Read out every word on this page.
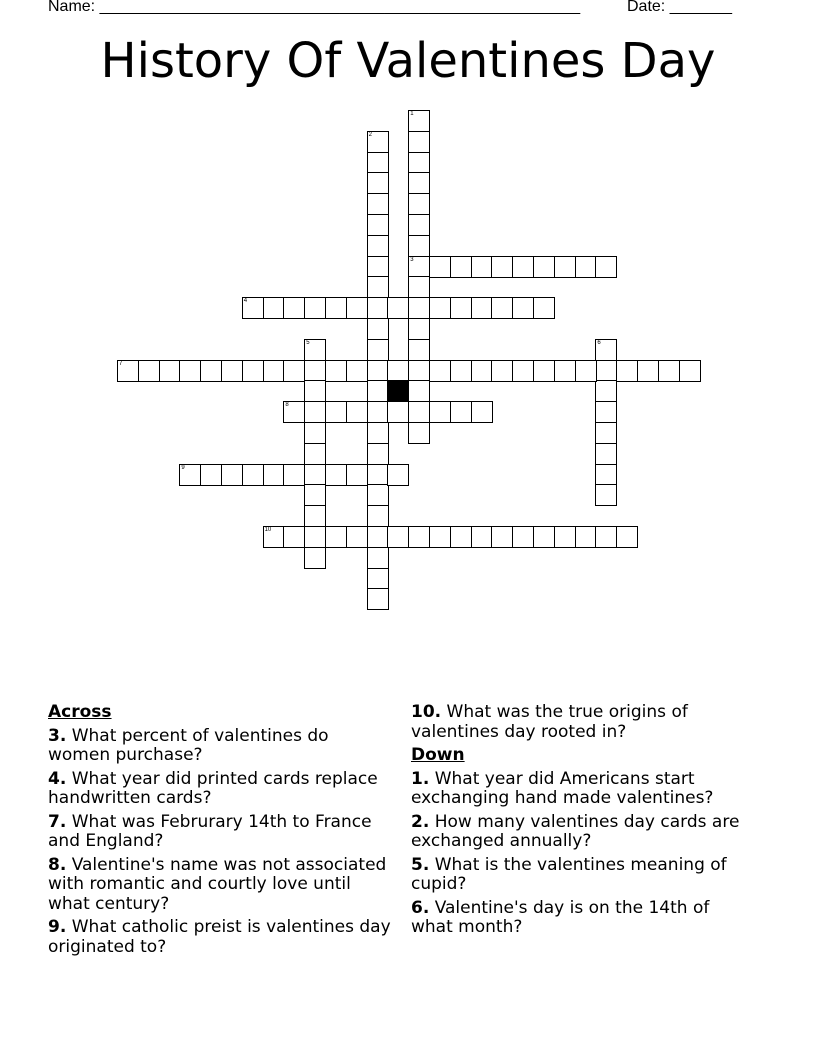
Name: ______________________________________________________	Date: _______
History Of Valentines Day
1
3
2
4
5	6
7
8
9
10
Across
3. What percent of valentines do women purchase?
4. What year did printed cards replace handwritten cards?
7. What was Februrary 14th to France and England?
8. Valentine's name was not associated with romantic and courtly love until what century?
9. What catholic preist is valentines day originated to?
10. What was the true origins of valentines day rooted in?
Down
1. What year did Americans start exchanging hand made valentines?
2. How many valentines day cards are exchanged annually?
5. What is the valentines meaning of cupid?
6. Valentine's day is on the 14th of what month?
